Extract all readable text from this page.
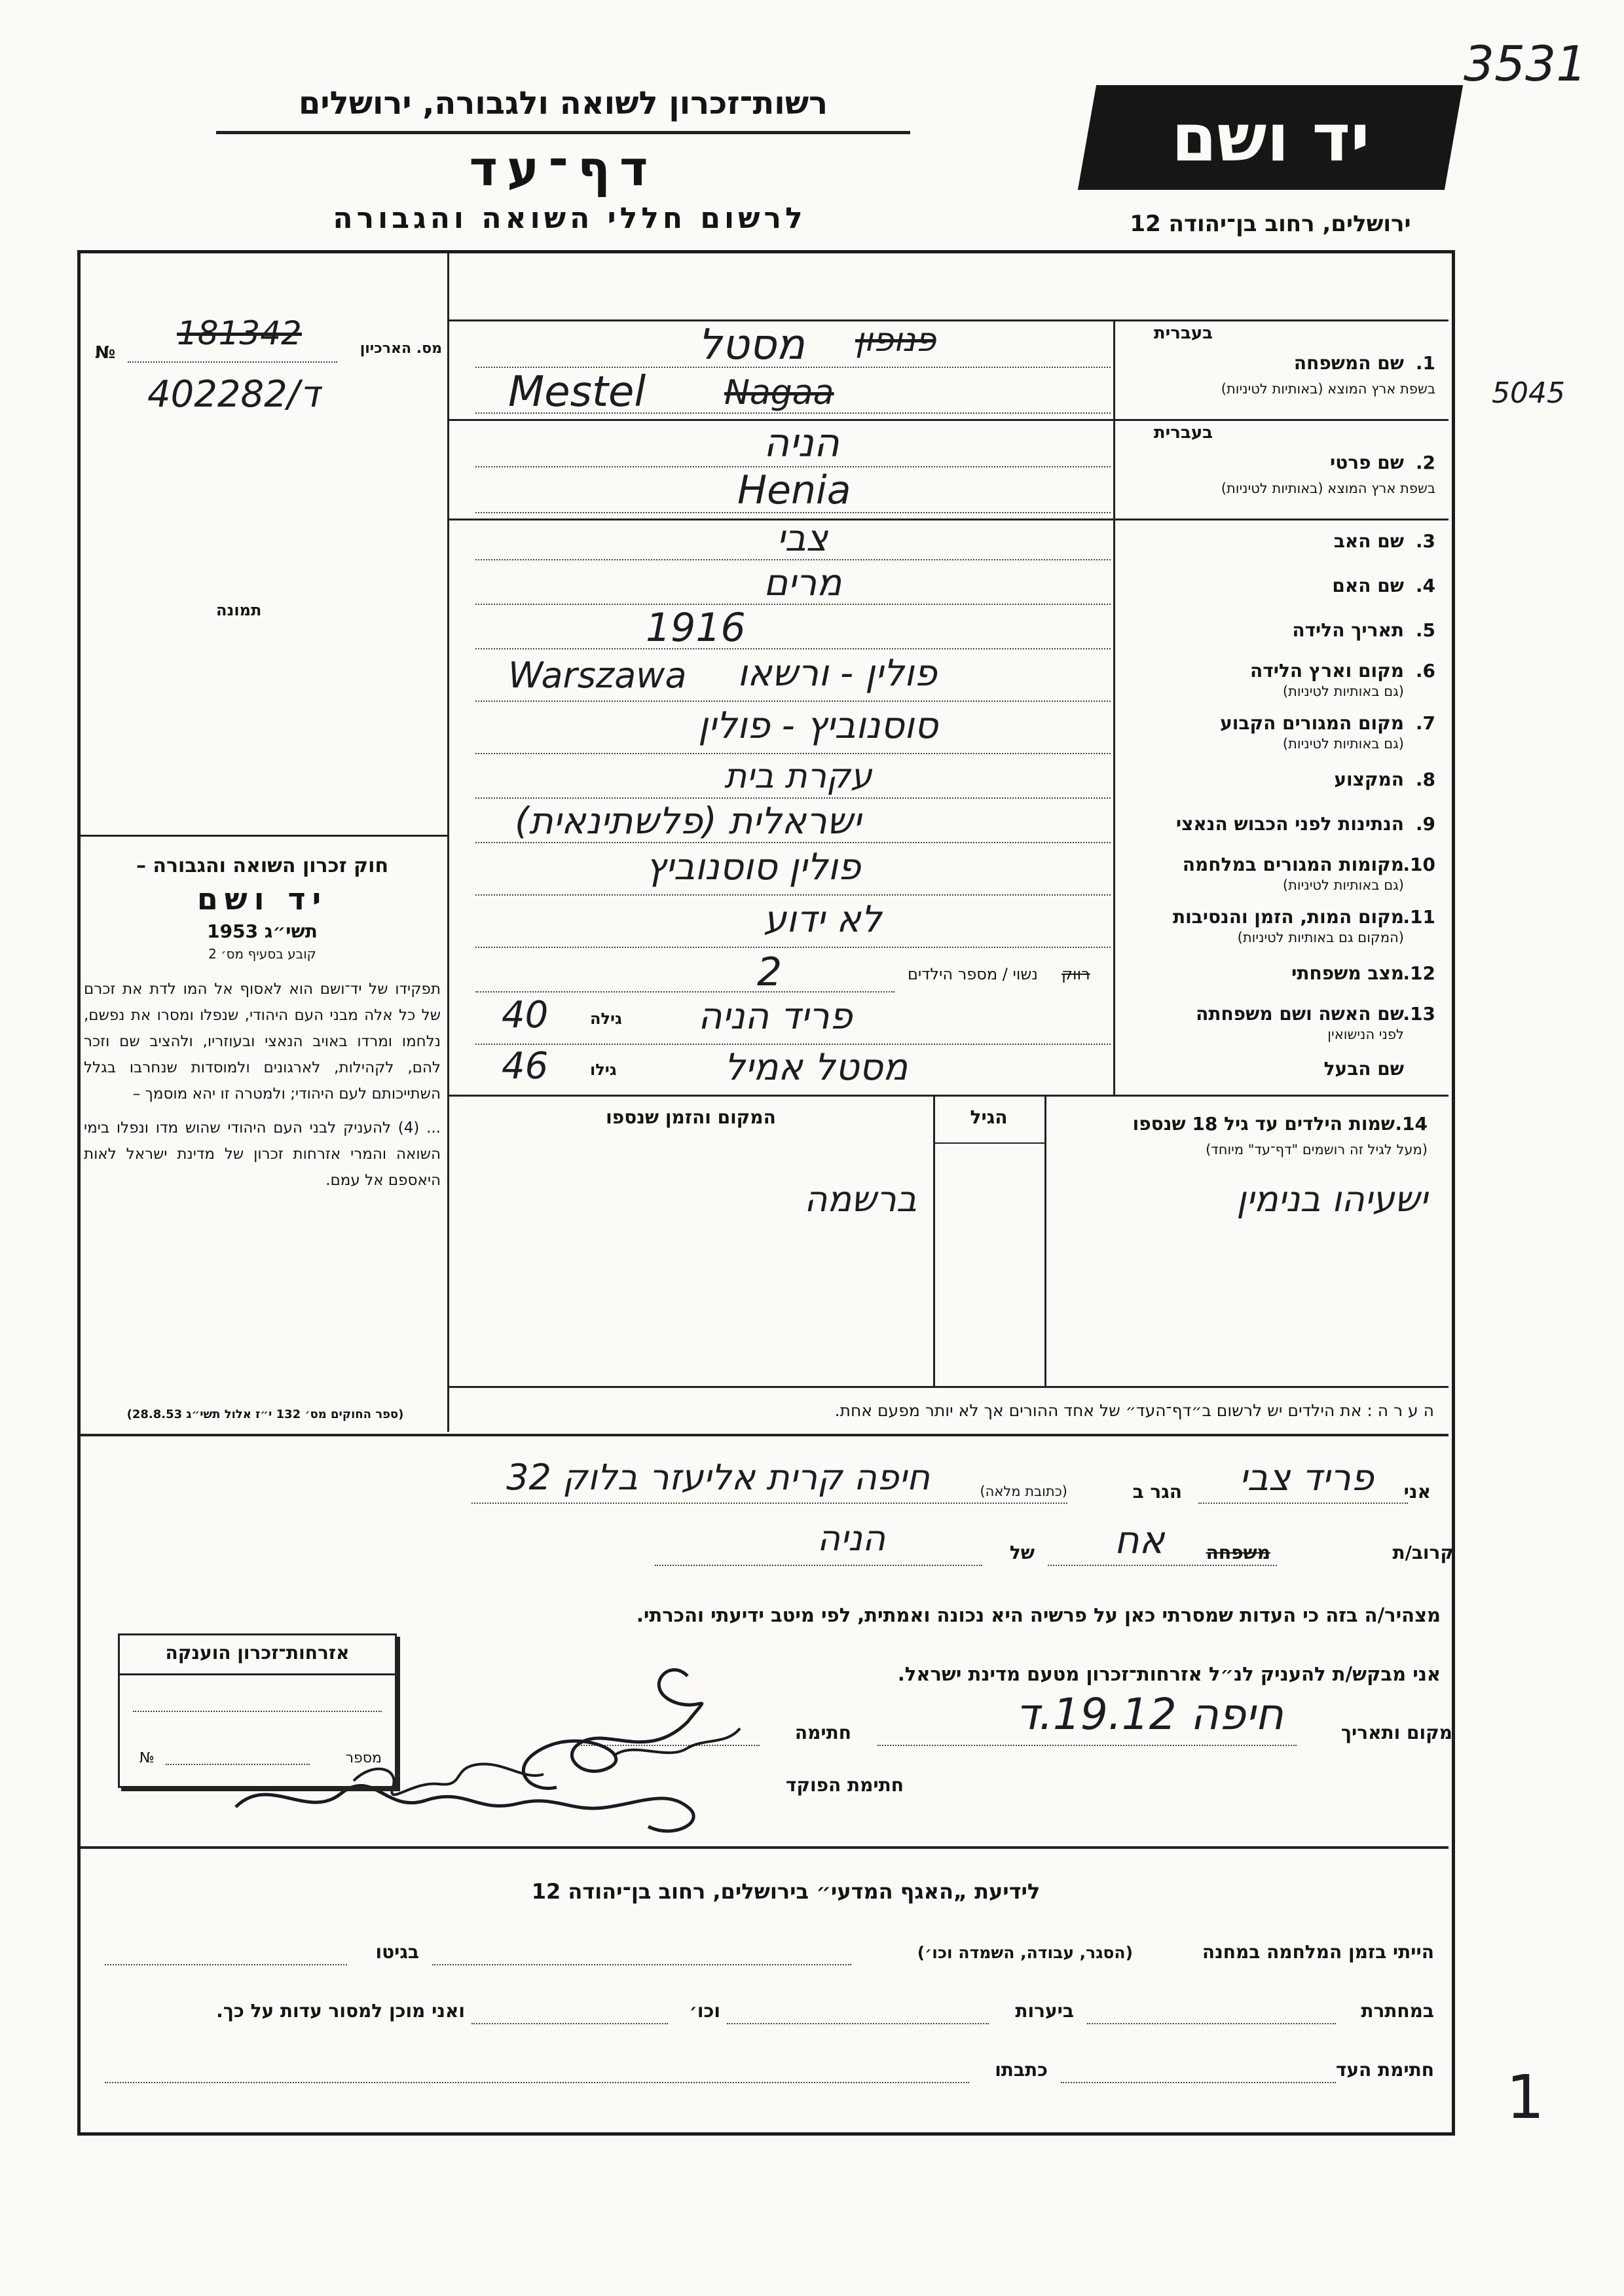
3531
5045
1
יד ושם
רשות־זכרון לשואה ולגבורה, ירושלים
דף־עד
לרשום חללי השואה והגבורה	ירושלים, רחוב בן־יהודה 12
181342	מס. הארכיון
№
402282/ד
תמונה
חוק זכרון השואה והגבורה –
יד ושם
תשי״ג 1953
קובע בסעיף מס׳ 2
תפקידו של יד־ושם הוא לאסוף אל המו לדת את זכרם של כל אלה מבני העם היהודי, שנפלו ומסרו את נפשם, נלחמו ומרדו באויב הנאצי ובעוזריו, ולהציב שם וזכר להם, לקהילות, לארגונים ולמוסדות שנחרבו בגלל השתייכותם לעם היהודי; ולמטרה זו יהא מוסמך –
... (4) להעניק לבני העם היהודי שהוש מדו ונפלו בימי השואה והמרי אזרחות זכרון של מדינת ישראל לאות היאספם אל עמם.
(ספר החוקים מס׳ 132 י״ז אלול תשי״ג 28.8.53)
בעברית
1.
שם המשפחה
בשפת ארץ המוצא (באותיות לטיניות)
מסטל פנופון
Mestel Nagaa
בעברית
2.
שם פרטי
בשפת ארץ המוצא (באותיות לטיניות)
הניה
Henia
3.
שם האב
צבי
4.
שם האם
מרים
5.
תאריך הלידה
1916
6.
מקום וארץ הלידה
(גם באותיות לטיניות)
פולין - ורשאו
Warszawa
7.
מקום המגורים הקבוע
(גם באותיות לטיניות)
סוסנוביץ - פולין
8.
המקצוע
עקרת בית
9.
הנתינות לפני הכבוש הנאצי
ישראלית (פלשתינאית)
10.
מקומות המגורים במלחמה
(גם באותיות לטיניות)
פולין סוסנוביץ
11.
מקום המות, הזמן והנסיבות
(המקום גם באותיות לטיניות)
לא ידוע
12.
מצב משפחתי
נשוי / מספר הילדים רווק
2
13.
שם האשה ושם משפחתה
לפני הנישואין
פריד הניה
גילה
40
שם הבעל
מסטל אמיל
גילו
46
14.
שמות הילדים עד גיל 18 שנספו
(מעל לגיל זה רושמים "דף־עד" מיוחד)
הגיל
המקום והזמן שנספו
ישעיהו בנימין
ברשמה
ה ע ר ה : את הילדים יש לרשום ב״דף־העד״ של אחד ההורים אך לא יותר מפעם אחת.
אני
פריד צבי
הגר ב
(כתובת מלאה)
חיפה קרית אליעזר בלוק 32
קרוב/ת
משפחה
אח
של
הניה
מצהיר/ה בזה כי העדות שמסרתי כאן על פרשיה היא נכונה ואמתית, לפי מיטב ידיעתי והכרתי.
אני מבקש/ת להעניק לנ״ל אזרחות־זכרון מטעם מדינת ישראל.
מקום ותאריך
חיפה 19.12.ד
חתימה
חתימת הפוקד
אזרחות־זכרון הוענקה
מספר
№
לידיעת „האגף המדעי״ בירושלים, רחוב בן־יהודה 12
הייתי בזמן המלחמה במחנה
(הסגר, עבודה, השמדה וכו׳)
בגיטו
במחתרת
ביערות
וכו׳
ואני מוכן למסור עדות על כך.
חתימת העד
כתבתו
